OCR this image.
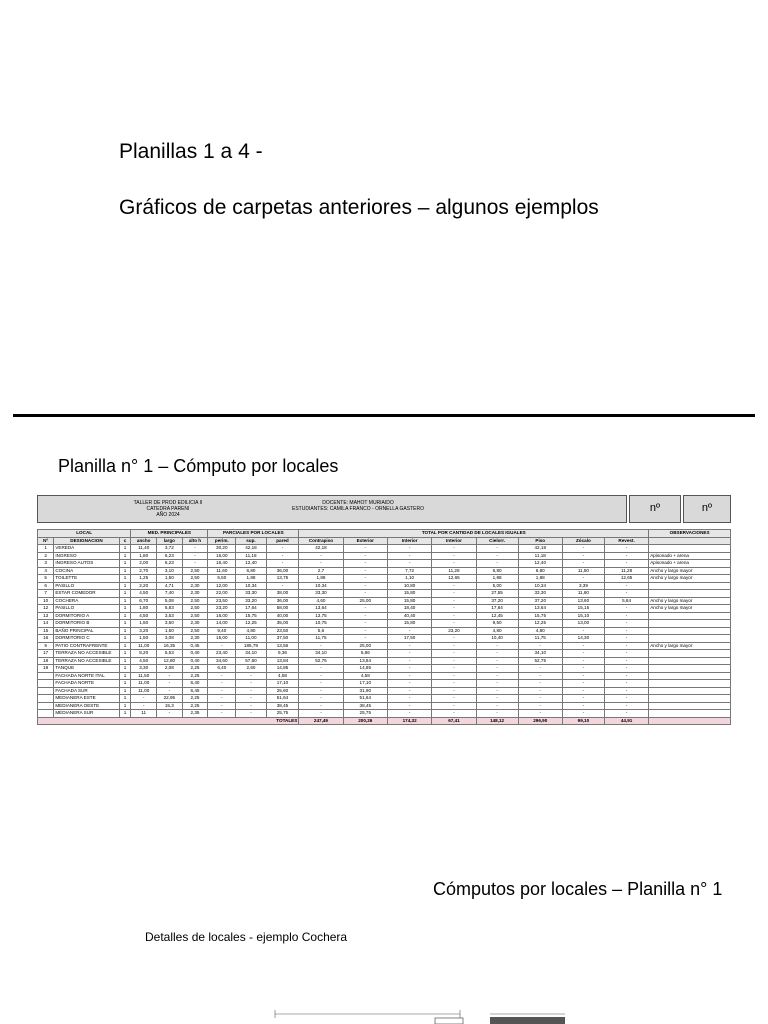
Planillas 1 a 4 -
Gráficos de carpetas anteriores – algunos ejemplos
Planilla n° 1 – Cómputo por locales
TALLER DE PROD EDILICIA II
CATEDRA PARENI
AÑO 2024
DOCENTE: MAHOT MURIAIDO
ESTUDIANTES: CAMILA FRANCO - ORNELLA GASTERO	nº	nº
LOCAL			MED. PRINCIPALES			PARCIALES POR LOCALES			TOTAL POR CANTIDAD DE LOCALES IGUALES								OBSERVACIONES
Nº	DESIGNACION	c	ancho	largo	alto h	perim.	sup.	pared	Contrapiso	Exterior	Interior	Interior	Cielorr.	Piso	Zócalo	Revest.	
1	VEREDA	1	11,40	3,72	-	30,20	42,18	-	42,18	-	-	-	-	42,18	-	-	
2	INGRESO	1	1,80	6,23	-	16,00	11,18	-	-	-	-	-	-	11,18	-	-	Apisonado + arena
3	INGRESO AUTOS	1	2,00	6,23	-	16,40	12,40	-	-	-	-	-	-	12,40	-	-	Apisonado + arena
4	COCINA	1	2,70	3,10	2,50	11,60	6,80	36,00	2,7	-	7,72	11,28	6,80	6,80	11,50	11,28	Ancho y largo mayor
5	TOILETTE	1	1,25	1,50	2,50	5,50	1,88	13,75	1,88	-	1,10	12,65	1,88	1,88	-	12,65	Ancho y largo mayor
6	PASILLO	1	2,20	4,71	2,30	12,00	10,34	-	10,34	-	10,80	-	5,00	10,34	3,39	-	
7	ESTAR COMEDOR	1	4,50	7,40	2,30	22,00	33,30	38,00	33,30	-	15,80	-	27,55	33,30	11,60	-	
10	COCHERA	1	6,70	5,08	2,50	23,50	33,20	36,00	4,60	25,00	15,80	-	37,20	37,20	13,60	5,84	Ancho y largo mayor
12	PASILLO	1	1,80	5,83	2,50	23,20	17,64	58,00	13,64	-	18,40	-	17,64	13,64	15,15	-	Ancho y largo mayor
13	DORMITORIO A	1	4,50	3,53	2,50	16,00	15,75	40,00	13,75	-	40,40	-	12,45	15,75	15,10	-	
14	DORMITORIO B	1	1,50	3,50	2,30	14,00	12,25	35,00	10,75	-	15,80	-	9,50	12,25	13,00	-	
15	BAÑO PRINCIPAL	1	3,20	1,50	2,50	9,40	4,80	23,50	5,6	-	-	23,20	4,80	4,80	-	-	
16	DORMITORIO C	1	1,50	3,08	2,30	15,00	11,00	37,50	11,75	-	17,50	-	10,40	11,75	14,30	-	
9	PATIO CONTRAFRENTE	1	11,00	16,35	0,45	-	185,79	13,56	-	25,00	-	-	-	-	-	-	Ancho y largo mayor
17	TERRAZA NO ACCESIBLE	1	8,20	5,53	0,40	23,40	34,10	9,36	34,10	5,86	-	-	-	34,10	-	-	
18	TERRAZA NO ACCESIBLE	1	4,50	12,80	0,40	34,60	57,60	13,84	52,75	13,84	-	-	-	52,75	-	-	
19	TANQUE	1	3,30	2,08	2,25	6,40	2,60	14,85	-	14,85	-	-	-	-	-	-	
	FACHADA NORTE ITAL	1	11,50	-	2,25	-	-	4,58	-	4,58	-	-	-	-	-	-	
	FACHADA NORTE	1	11,00	-	6,40	-	-	17,10	-	17,10	-	-	-	-	-	-	
	FACHADA SUR	1	11,00	-	6,45	-	-	25,60	-	31,90	-	-	-	-	-	-	
	MEDIANERA ESTE	1	-	22,95	2,25	-	-	51,64	-	51,64	-	-	-	-	-	-	
	MEDIANERA OESTE	1	-	15,3	2,25	-	-	38,45	-	38,45	-	-	-	-	-	-	
	MEDIANERA SUR	1	11	-	2,35	-	-	25,75	-	25,75	-	-	-	-	-	-	
TOTALES									247,49	200,26	174,32	67,41	148,12	296,90	99,10	44,91	
Cómputos por locales – Planilla n° 1
Detalles de locales - ejemplo Cochera
